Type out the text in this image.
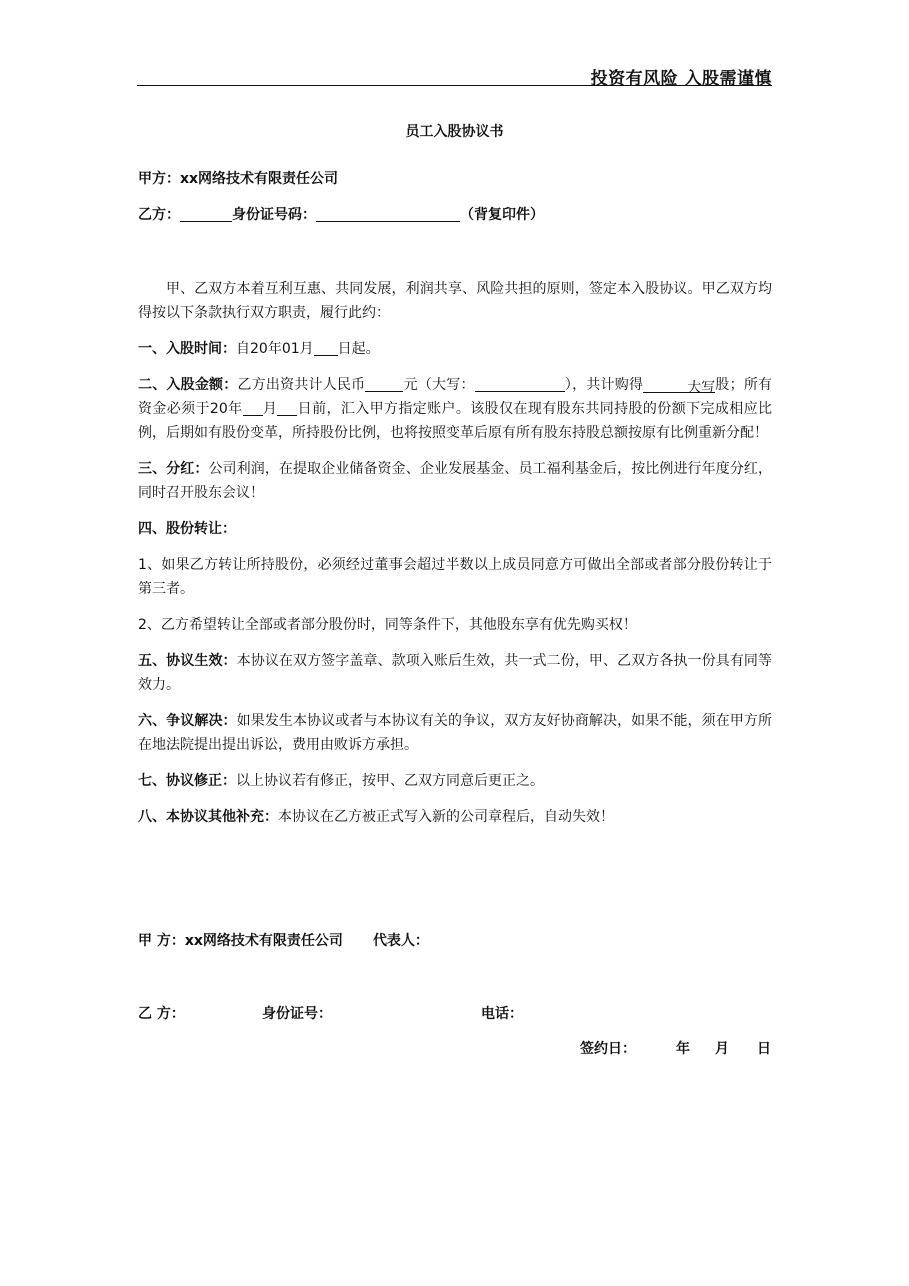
投资有风险 入股需谨慎
员工入股协议书
甲方：xx网络技术有限责任公司
乙方：	身份证号码：	（背复印件）

甲、乙双方本着互利互惠、共同发展，利润共享、风险共担的原则，签定本入股协议。甲乙双方均得按以下条款执行双方职责，履行此约：

一、入股时间：自20年01月 日起。

二、入股金额：乙方出资共计人民币	元（大写：	），共计购得	大写股；所有资金必须于20年 月 日前，汇入甲方指定账户。该股仅在现有股东共同持股的份额下完成相应比例，后期如有股份变革，所持股份比例，也将按照变革后原有所有股东持股总额按原有比例重新分配！

三、分红：公司利润，在提取企业储备资金、企业发展基金、员工福利基金后，按比例进行年度分红，同时召开股东会议！

四、股份转让：

1、如果乙方转让所持股份，必须经过董事会超过半数以上成员同意方可做出全部或者部分股份转让于第三者。

2、乙方希望转让全部或者部分股份时，同等条件下，其他股东享有优先购买权！

五、协议生效：本协议在双方签字盖章、款项入账后生效，共一式二份，甲、乙双方各执一份具有同等效力。

六、争议解决：如果发生本协议或者与本协议有关的争议，双方友好协商解决，如果不能，须在甲方所在地法院提出提出诉讼，费用由败诉方承担。

七、协议修正：以上协议若有修正，按甲、乙双方同意后更正之。

八、本协议其他补充：本协议在乙方被正式写入新的公司章程后，自动失效！

甲 方：xx网络技术有限责任公司 代表人：
乙 方：	身份证号：	电话：
签约日：	年 月 日
